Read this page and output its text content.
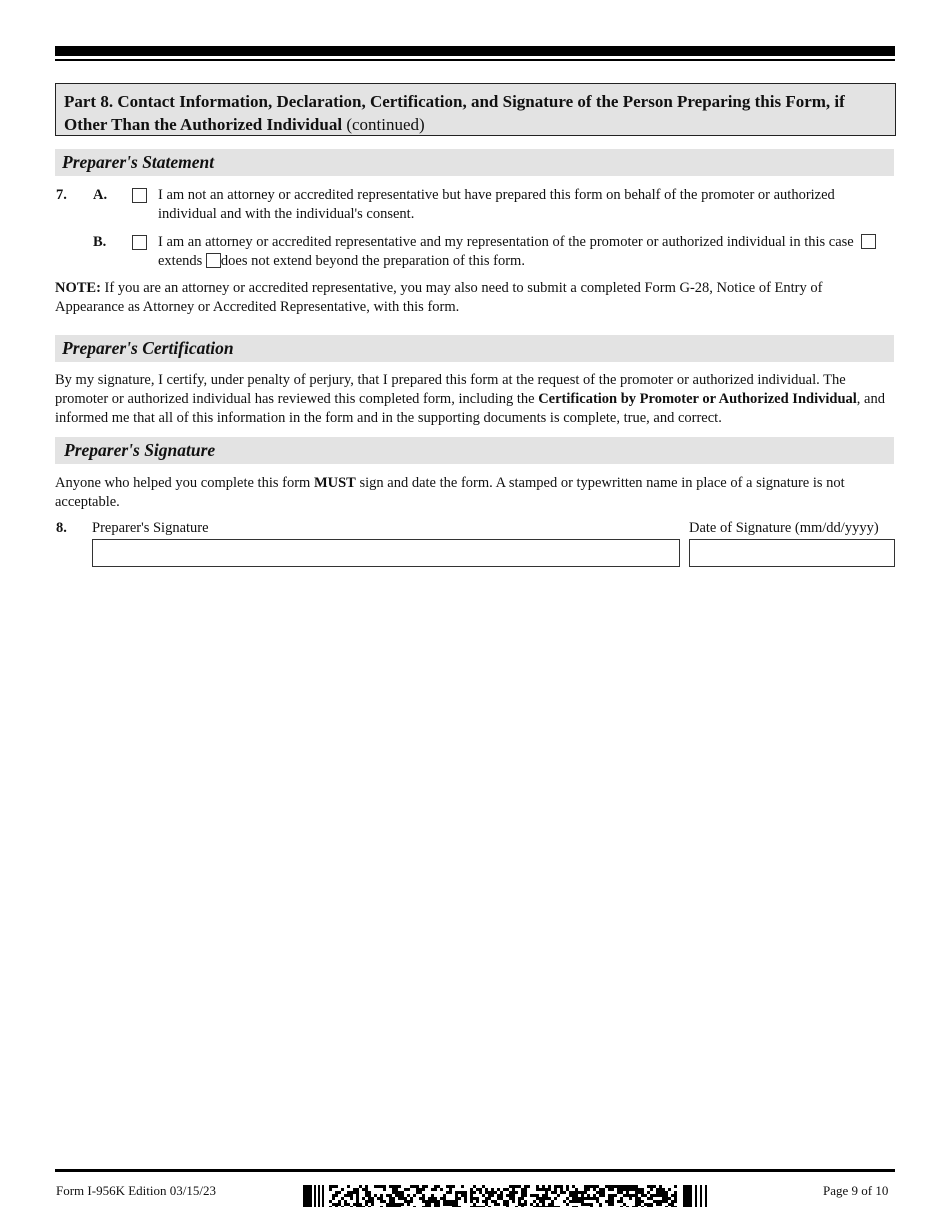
Part 8. Contact Information, Declaration, Certification, and Signature of the Person Preparing this Form, if Other Than the Authorized Individual (continued)
Preparer's Statement
7. A.	I am not an attorney or accredited representative but have prepared this form on behalf of the promoter or authorized individual and with the individual's consent.
B.	I am an attorney or accredited representative and my representation of the promoter or authorized individual in this case   extends does not extend beyond the preparation of this form.
NOTE: If you are an attorney or accredited representative, you may also need to submit a completed Form G-28, Notice of Entry of Appearance as Attorney or Accredited Representative, with this form.
Preparer's Certification
By my signature, I certify, under penalty of perjury, that I prepared this form at the request of the promoter or authorized individual. The promoter or authorized individual has reviewed this completed form, including the Certification by Promoter or Authorized Individual, and informed me that all of this information in the form and in the supporting documents is complete, true, and correct.
Preparer's Signature
Anyone who helped you complete this form MUST sign and date the form. A stamped or typewritten name in place of a signature is not acceptable.
8. Preparer's Signature	Date of Signature (mm/dd/yyyy)
Form I-956K Edition 03/15/23	Page 9 of 10
